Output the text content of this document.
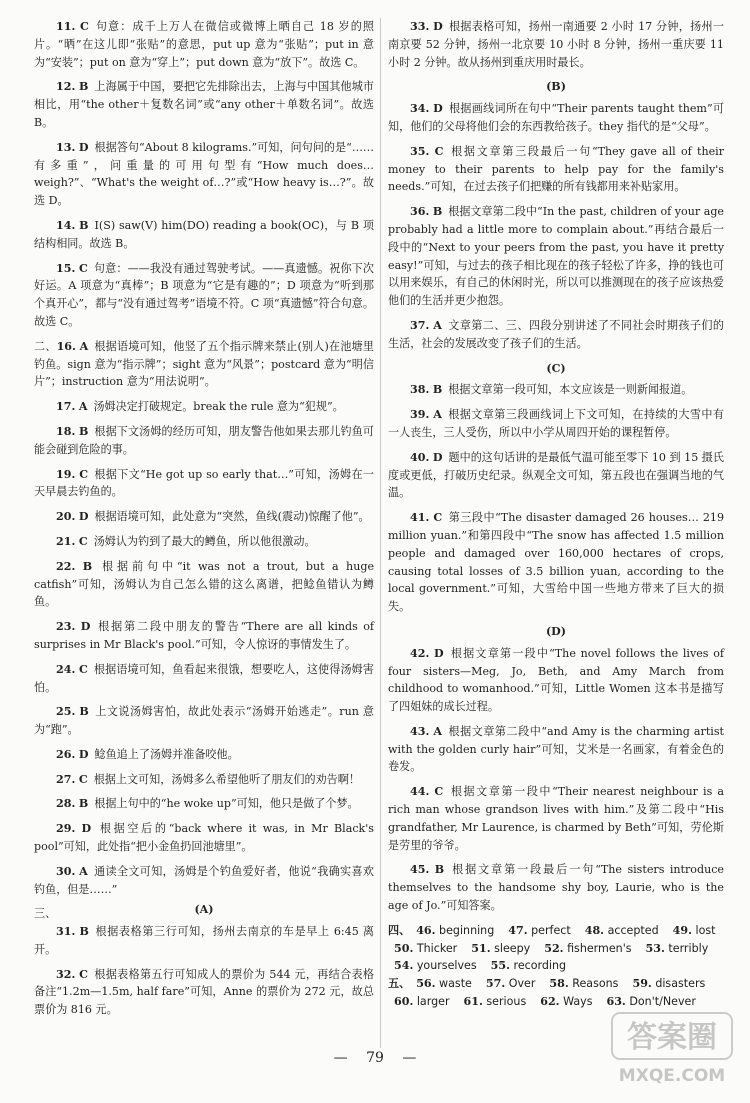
11. C 句意：成千上万人在微信或微博上晒自己 18 岁的照片。“晒”在这儿即“张贴”的意思，put up 意为“张贴”；put in 意为“安装”；put on 意为“穿上”；put down 意为“放下”。故选 C。

12. B 上海属于中国，要把它先排除出去，上海与中国其他城市相比，用“the other＋复数名词”或“any other＋单数名词”。故选 B。

13. D 根据答句“About 8 kilograms.”可知，问句问的是“……有多重”，问重量的可用句型有“How much does… weigh?”、“What's the weight of…?”或“How heavy is…?”。故选 D。

14. B I(S) saw(V) him(DO) reading a book(OC)，与 B 项结构相同。故选 B。

15. C 句意：——我没有通过驾驶考试。——真遗憾。祝你下次好运。A 项意为“真棒”；B 项意为“它是有趣的”；D 项意为“听到那个真开心”，都与“没有通过驾考”语境不符。C 项“真遗憾”符合句意。故选 C。

二、16. A 根据语境可知，他竖了五个指示牌来禁止(别人)在池塘里钓鱼。sign 意为“指示牌”；sight 意为“风景”；postcard 意为“明信片”；instruction 意为“用法说明”。

17. A 汤姆决定打破规定。break the rule 意为“犯规”。

18. B 根据下文汤姆的经历可知，朋友警告他如果去那儿钓鱼可能会碰到危险的事。

19. C 根据下文“He got up so early that…”可知，汤姆在一天早晨去钓鱼的。

20. D 根据语境可知，此处意为“突然，鱼线(震动)惊醒了他”。

21. C 汤姆认为钓到了最大的鳟鱼，所以他很激动。

22. B 根据前句中“it was not a trout, but a huge catfish”可知，汤姆认为自己怎么错的这么离谱，把鲶鱼错认为鳟鱼。

23. D 根据第二段中朋友的警告“There are all kinds of surprises in Mr Black's pool.”可知，令人惊讶的事情发生了。

24. C 根据语境可知，鱼看起来很饿，想要吃人，这使得汤姆害怕。

25. B 上文说汤姆害怕，故此处表示“汤姆开始逃走”。run 意为“跑”。

26. D 鲶鱼追上了汤姆并准备咬他。

27. C 根据上文可知，汤姆多么希望他听了朋友们的劝告啊！

28. B 根据上句中的“he woke up”可知，他只是做了个梦。

29. D 根据空后的“back where it was, in Mr Black's pool”可知，此处指“把小金鱼扔回池塘里”。

30. A 通读全文可知，汤姆是个钓鱼爱好者，他说“我确实喜欢钓鱼，但是……”

三、	(A)

31. B 根据表格第三行可知，扬州去南京的车是早上 6:45 离开。

32. C 根据表格第五行可知成人的票价为 544 元，再结合表格备注“1.2m—1.5m, half fare”可知，Anne 的票价为 272 元，故总票价为 816 元。

33. D 根据表格可知，扬州一南通要 2 小时 17 分钟，扬州一南京要 52 分钟，扬州一北京要 10 小时 8 分钟，扬州一重庆要 11 小时 2 分钟。故从扬州到重庆用时最长。

(B)

34. D 根据画线词所在句中“Their parents taught them”可知，他们的父母将他们会的东西教给孩子。they 指代的是“父母”。

35. C 根据文章第三段最后一句“They gave all of their money to their parents to help pay for the family's needs.”可知，在过去孩子们把赚的所有钱都用来补贴家用。

36. B 根据文章第二段中“In the past, children of your age probably had a little more to complain about.”再结合最后一段中的“Next to your peers from the past, you have it pretty easy!”可知，与过去的孩子相比现在的孩子轻松了许多，挣的钱也可以用来娱乐，有自己的休闲时光，所以可以推测现在的孩子应该热爱他们的生活并更少抱怨。

37. A 文章第二、三、四段分别讲述了不同社会时期孩子们的生活，社会的发展改变了孩子们的生活。

(C)

38. B 根据文章第一段可知，本文应该是一则新闻报道。

39. A 根据文章第三段画线词上下文可知，在持续的大雪中有一人丧生，三人受伤，所以中小学从周四开始的课程暂停。

40. D 题中的这句话讲的是最低气温可能至零下 10 到 15 摄氏度或更低，打破历史纪录。纵观全文可知，第五段也在强调当地的气温。

41. C 第三段中“The disaster damaged 26 houses… 219 million yuan.”和第四段中“The snow has affected 1.5 million people and damaged over 160,000 hectares of crops, causing total losses of 3.5 billion yuan, according to the local government.”可知，大雪给中国一些地方带来了巨大的损失。

(D)

42. D 根据文章第一段中“The novel follows the lives of four sisters—Meg, Jo, Beth, and Amy March from childhood to womanhood.”可知，Little Women 这本书是描写了四姐妹的成长过程。

43. A 根据文章第二段中“and Amy is the charming artist with the golden curly hair”可知，艾米是一名画家，有着金色的卷发。

44. C 根据文章第一段中“Their nearest neighbour is a rich man whose grandson lives with him.”及第二段中“His grandfather, Mr Laurence, is charmed by Beth”可知，劳伦斯是劳里的爷爷。

45. B 根据文章第一段最后一句“The sisters introduce themselves to the handsome shy boy, Laurie, who is the age of Jo.”可知答案。

四、 46. beginning 47. perfect 48. accepted 49. lost

50. Thicker 51. sleepy 52. fishermen's 53. terribly

54. yourselves 55. recording

五、 56. waste 57. Over 58. Reasons 59. disasters

60. larger 61. serious 62. Ways 63. Don't/Never

— 79 —
答案圈
MXQE.COM
